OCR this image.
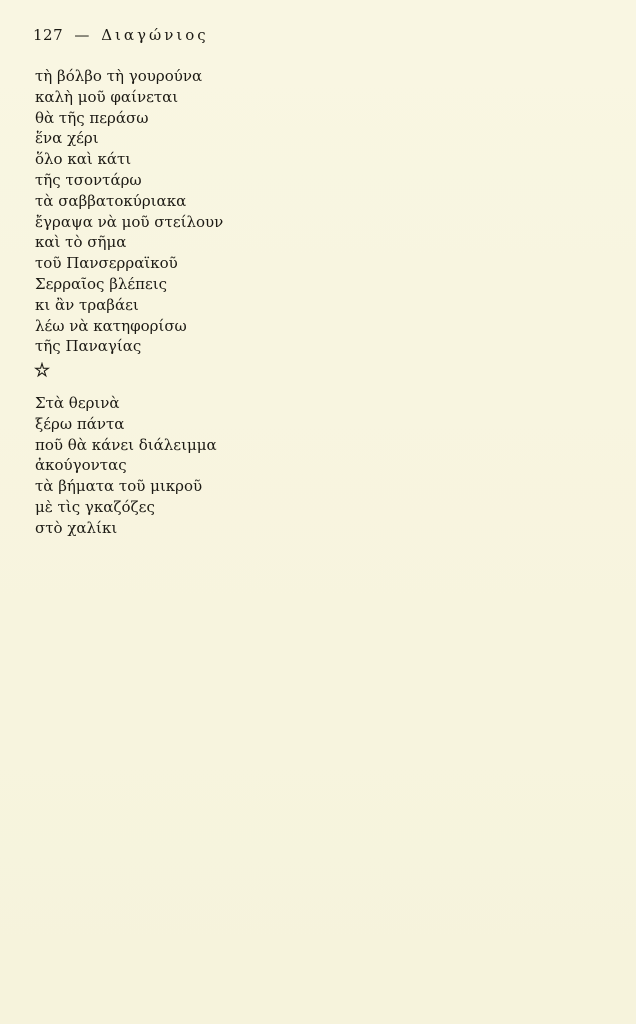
127 — Διαγώνιος
τὴ βόλβο τὴ γουρούνα
καλὴ μοῦ φαίνεται
θὰ τῆς περάσω
ἕνα χέρι
ὅλο καὶ κάτι
τῆς τσοντάρω
τὰ σαββατοκύριακα
ἔγραψα νὰ μοῦ στείλουν
καὶ τὸ σῆμα
τοῦ Πανσερραϊκοῦ
Σερραῖος βλέπεις
κι ἂν τραβάει
λέω νὰ κατηφορίσω
τῆς Παναγίας
Στὰ θερινὰ
ξέρω πάντα
ποῦ θὰ κάνει διάλειμμα
ἀκούγοντας
τὰ βήματα τοῦ μικροῦ
μὲ τὶς γκαζόζες
στὸ χαλίκι
